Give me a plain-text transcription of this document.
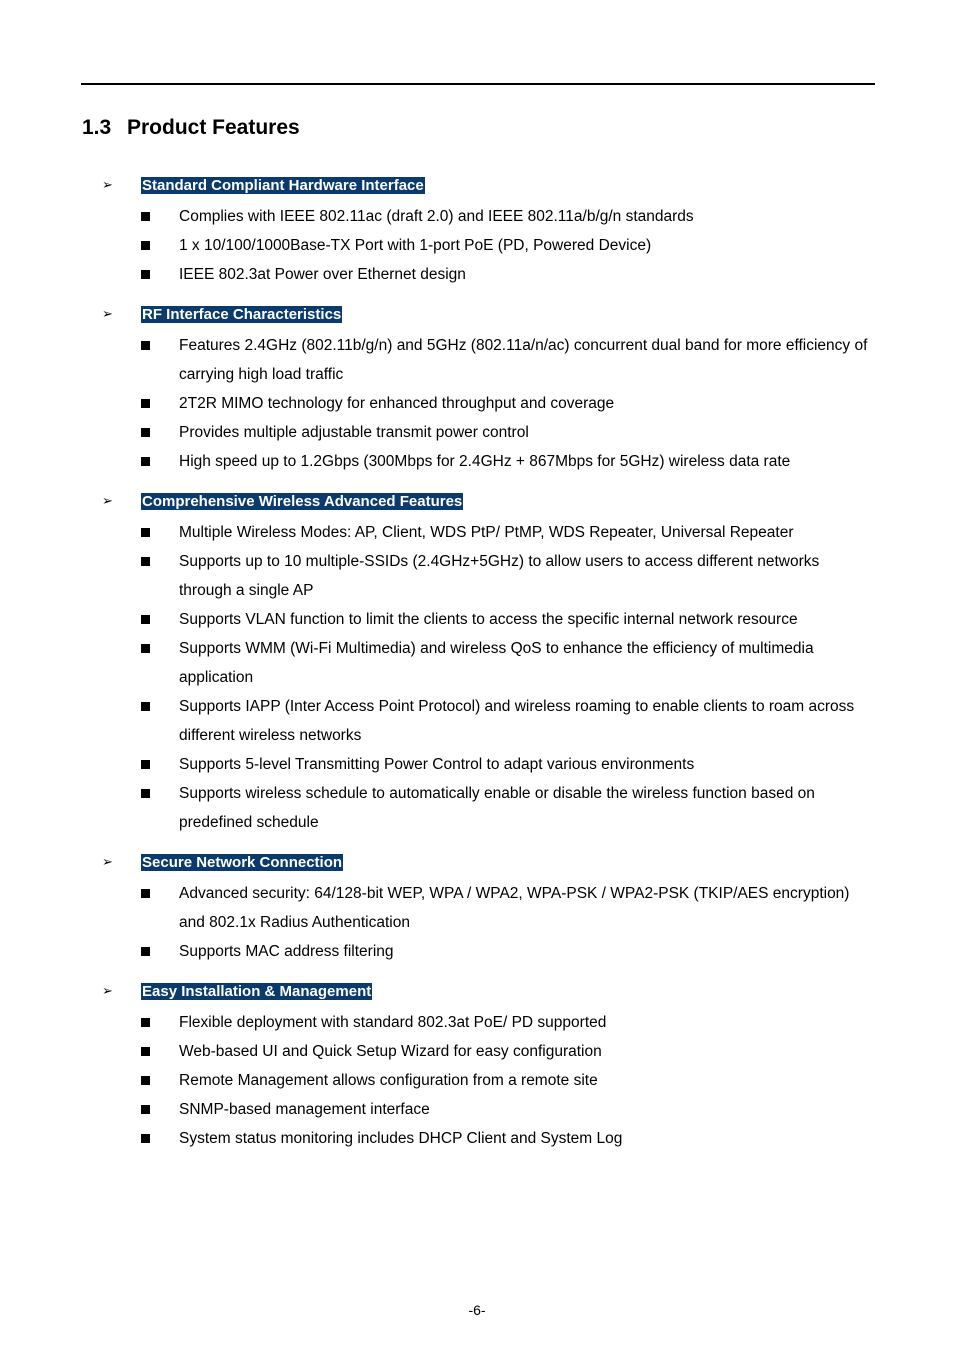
1.3 Product Features
➢ Standard Compliant Hardware Interface
Complies with IEEE 802.11ac (draft 2.0) and IEEE 802.11a/b/g/n standards
1 x 10/100/1000Base-TX Port with 1-port PoE (PD, Powered Device)
IEEE 802.3at Power over Ethernet design
➢ RF Interface Characteristics
Features 2.4GHz (802.11b/g/n) and 5GHz (802.11a/n/ac) concurrent dual band for more efficiency of carrying high load traffic
2T2R MIMO technology for enhanced throughput and coverage
Provides multiple adjustable transmit power control
High speed up to 1.2Gbps (300Mbps for 2.4GHz + 867Mbps for 5GHz) wireless data rate
➢ Comprehensive Wireless Advanced Features
Multiple Wireless Modes: AP, Client, WDS PtP/ PtMP, WDS Repeater, Universal Repeater
Supports up to 10 multiple-SSIDs (2.4GHz+5GHz) to allow users to access different networks through a single AP
Supports VLAN function to limit the clients to access the specific internal network resource
Supports WMM (Wi-Fi Multimedia) and wireless QoS to enhance the efficiency of multimedia application
Supports IAPP (Inter Access Point Protocol) and wireless roaming to enable clients to roam across different wireless networks
Supports 5-level Transmitting Power Control to adapt various environments
Supports wireless schedule to automatically enable or disable the wireless function based on predefined schedule
➢ Secure Network Connection
Advanced security: 64/128-bit WEP, WPA / WPA2, WPA-PSK / WPA2-PSK (TKIP/AES encryption) and 802.1x Radius Authentication
Supports MAC address filtering
➢ Easy Installation & Management
Flexible deployment with standard 802.3at PoE/ PD supported
Web-based UI and Quick Setup Wizard for easy configuration
Remote Management allows configuration from a remote site
SNMP-based management interface
System status monitoring includes DHCP Client and System Log
-6-
